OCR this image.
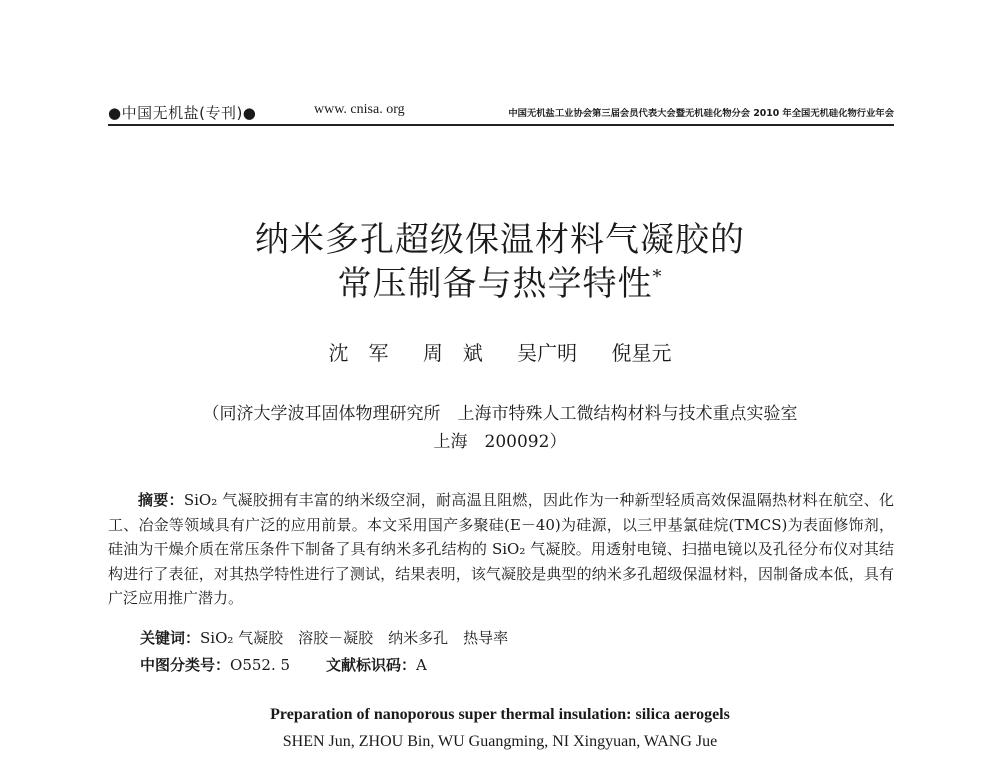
●中国无机盐(专刊)●	www. cnisa. org	中国无机盐工业协会第三届会员代表大会暨无机硅化物分会 2010 年全国无机硅化物行业年会
纳米多孔超级保温材料气凝胶的
常压制备与热学特性*
沈　军 周　斌 吴广明 倪星元
（同济大学波耳固体物理研究所　上海市特殊人工微结构材料与技术重点实验室
上海　200092）

摘要：SiO₂ 气凝胶拥有丰富的纳米级空洞，耐高温且阻燃，因此作为一种新型轻质高效保温隔热材料在航空、化工、冶金等领域具有广泛的应用前景。本文采用国产多聚硅(E－40)为硅源，以三甲基氯硅烷(TMCS)为表面修饰剂，硅油为干燥介质在常压条件下制备了具有纳米多孔结构的 SiO₂ 气凝胶。用透射电镜、扫描电镜以及孔径分布仪对其结构进行了表征，对其热学特性进行了测试，结果表明，该气凝胶是典型的纳米多孔超级保温材料，因制备成本低，具有广泛应用推广潜力。

关键词：SiO₂ 气凝胶　溶胶－凝胶　纳米多孔　热导率
中图分类号：O552. 5 文献标识码：A
Preparation of nanoporous super thermal insulation: silica aerogels
SHEN Jun, ZHOU Bin, WU Guangming, NI Xingyuan, WANG Jue
